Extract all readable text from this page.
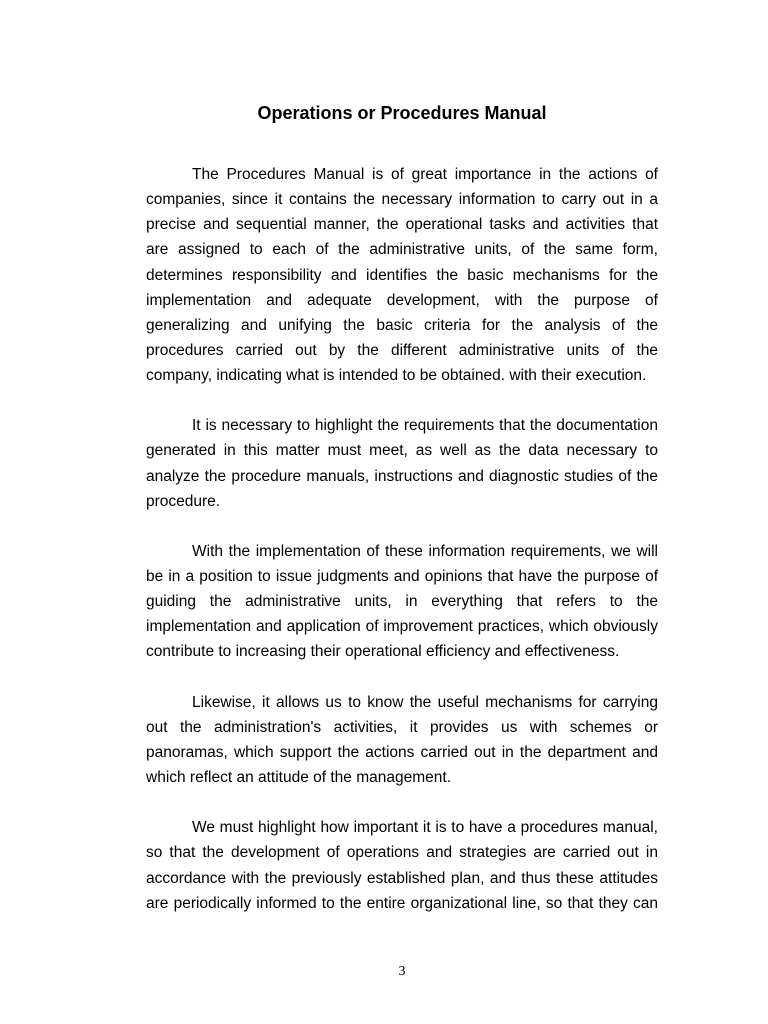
Operations or Procedures Manual
The Procedures Manual is of great importance in the actions of
companies, since it contains the necessary information to carry out in a
precise and sequential manner, the operational tasks and activities that
are assigned to each of the administrative units, of the same form,
determines responsibility and identifies the basic mechanisms for the
implementation and adequate development, with the purpose of
generalizing and unifying the basic criteria for the analysis of the
procedures carried out by the different administrative units of the
company, indicating what is intended to be obtained. with their execution.
It is necessary to highlight the requirements that the documentation
generated in this matter must meet, as well as the data necessary to
analyze the procedure manuals, instructions and diagnostic studies of the
procedure.
With the implementation of these information requirements, we will
be in a position to issue judgments and opinions that have the purpose of
guiding the administrative units, in everything that refers to the
implementation and application of improvement practices, which obviously
contribute to increasing their operational efficiency and effectiveness.
Likewise, it allows us to know the useful mechanisms for carrying
out the administration's activities, it provides us with schemes or
panoramas, which support the actions carried out in the department and
which reflect an attitude of the management.
We must highlight how important it is to have a procedures manual,
so that the development of operations and strategies are carried out in
accordance with the previously established plan, and thus these attitudes
are periodically informed to the entire organizational line, so that they can
3
